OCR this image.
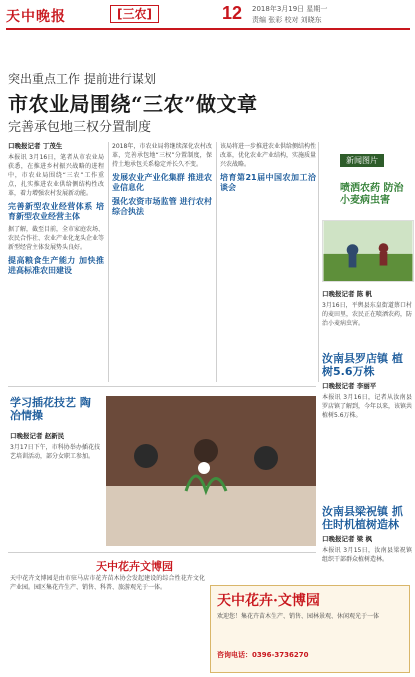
天中晚报	[三农]	12 2018年3月19日 星期一
责编 张彩 校对 刘晓东
突出重点工作 提前进行谋划
市农业局围绕“三农”做文章
完善承包地三权分置制度
口晚报记者 丁茂生
本报讯 3月16日，笔者从市农业局获悉，在推进乡村振兴战略的进程中，市农业局围绕“三农”工作重点，扎实推进农业供给侧结构性改革，着力增强农村发展新动能。
完善新型农业经营体系 培育新型农业经营主体
据了解，截至目前，全市家庭农场、农民合作社、农业产业化龙头企业等新型经营主体发展势头良好。
提高粮食生产能力 加快推进高标准农田建设
2018年，市农业局将继续深化农村改革，完善承包地“三权”分置制度，保持土地承包关系稳定并长久不变。
发展农业产业化集群 推进农业信息化
强化农资市场监管 进行农村综合执法
该局将进一步推进农业供给侧结构性改革，优化农业产业结构，实施质量兴农战略。
培育第21届中国农加工洽谈会
新闻图片
喷洒农药 防治小麦病虫害
口晚报记者 陈 帆
3月16日，平舆县东皇街道蔡口村的麦田里，农民正在喷洒农药，防治小麦病虫害。
汝南县罗店镇 植树5.6万株
口晚报记者 李丽平
本报讯 3月16日，记者从汝南县罗店镇了解到，今年以来，该镇共植树5.6万株。
汝南县梁祝镇 抓住时机植树造林
口晚报记者 梁 枫
本报讯 3月15日，汝南县梁祝镇组织干部群众植树造林。
学习插花技艺 陶冶情操
口晚报记者 赵新民
3月17日下午，市科协举办插花技艺培训活动，部分女职工参加。
天中花卉文博园
天中花卉文博园是由市驻马店市花卉苗木协会发起建设的综合性花卉文化产业园。园区集花卉生产、销售、科普、旅游观光于一体。
天中花卉·文博园
欢迎您！集花卉苗木生产、销售、园林景观、休闲观光于一体
咨询电话：0396-3736270
